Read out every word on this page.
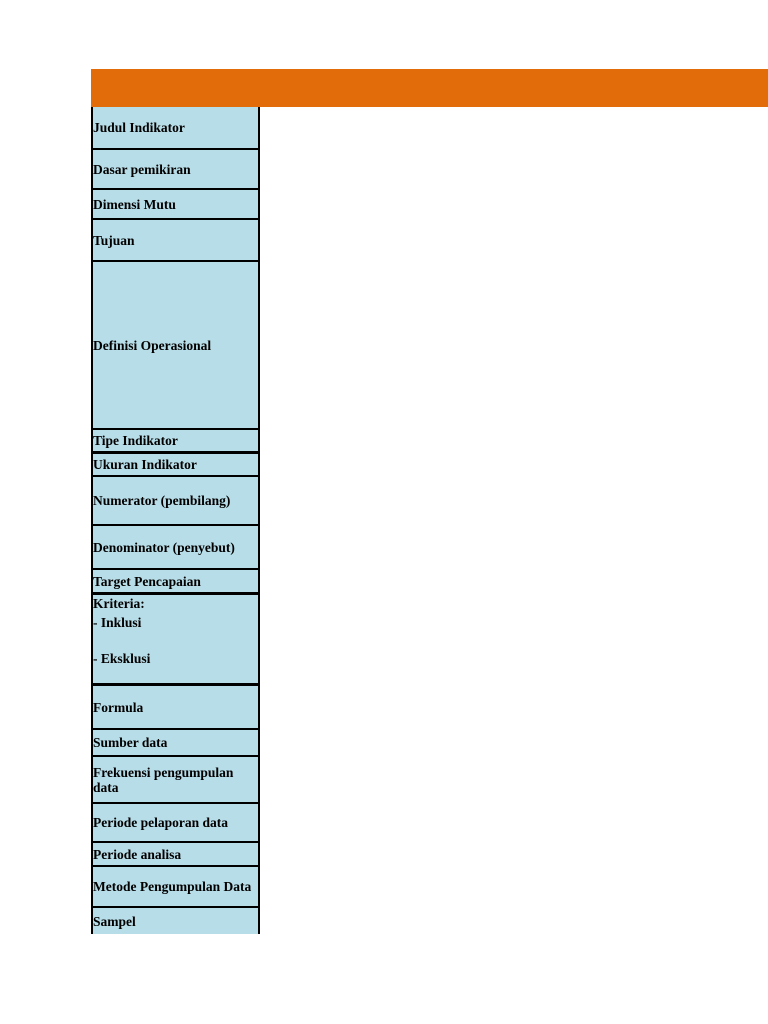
Judul Indikator
Dasar pemikiran
Dimensi Mutu
Tujuan
Definisi Operasional
Tipe Indikator
Ukuran Indikator
Numerator (pembilang)
Denominator (penyebut)
Target Pencapaian
Kriteria:
- Inklusi
- Eksklusi
Formula
Sumber data
Frekuensi pengumpulan data
Periode pelaporan data
Periode analisa
Metode Pengumpulan Data
Sampel
